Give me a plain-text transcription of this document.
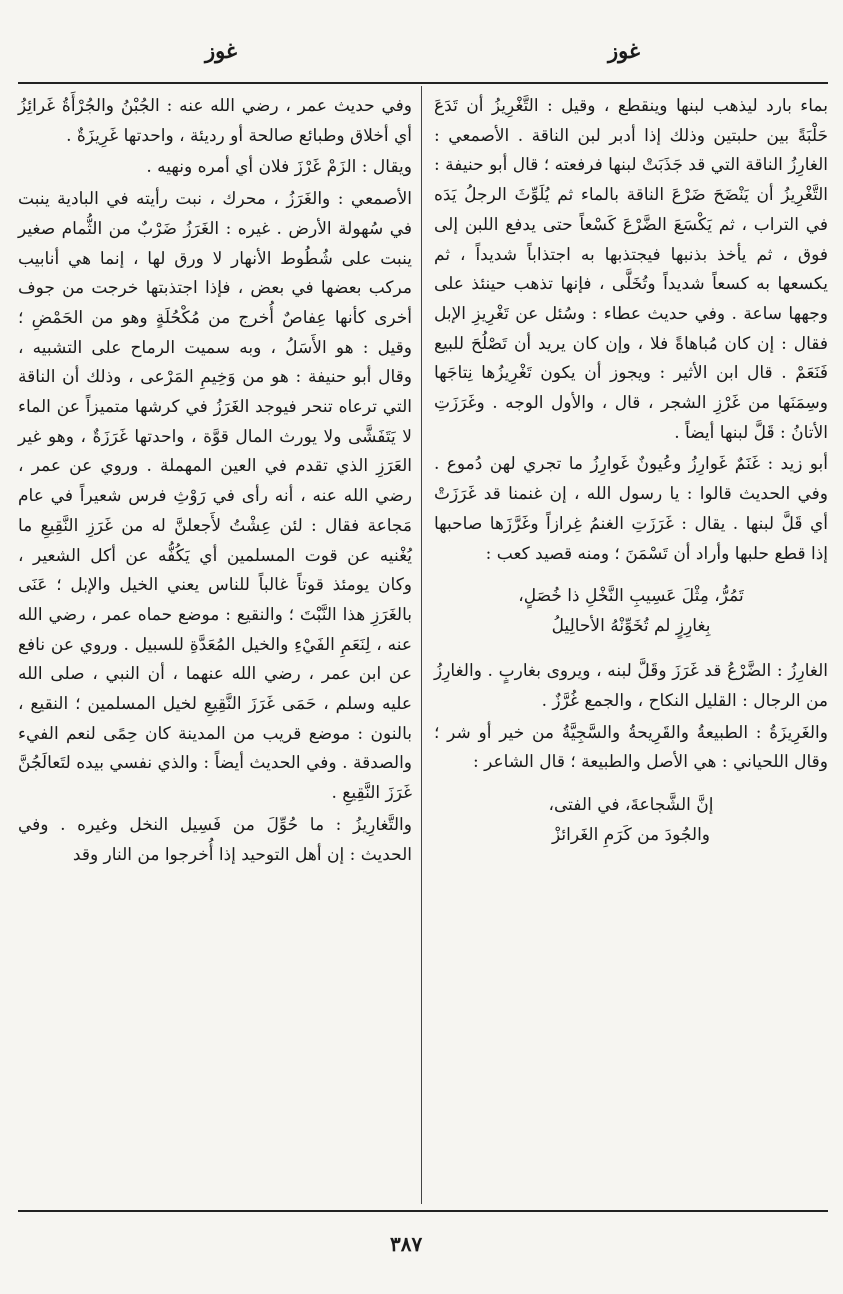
غوز
غوز

بماء بارد ليذهب لبنها وينقطع ، وقيل : التَّغْرِيزُ أن تَدَعَ حَلْبَةً بين حلبتين وذلك إذا أدبر لبن الناقة . الأصمعي : الغارِزُ الناقة التي قد جَذَبَتْ لبنها فرفعته ؛ قال أبو حنيفة : التَّغْرِيزُ أن يَنْضَحَ ضَرْعَ الناقة بالماء ثم يُلَوِّثَ الرجلُ يَدَه في التراب ، ثم يَكْسَعَ الضَّرْعَ كَسْعاً حتى يدفع اللبن إلى فوق ، ثم يأخذ بذنبها فيجتذبها به اجتذاباً شديداً ، ثم يكسعها به كسعاً شديداً وتُخَلَّى ، فإنها تذهب حينئذ على وجهها ساعة . وفي حديث عطاء : وسُئل عن تَغْرِيزِ الإبل فقال : إن كان مُباهاةً فلا ، وإن كان يريد أن تَصْلُحَ للبيع فَنَعَمْ . قال ابن الأثير : ويجوز أن يكون تَغْرِيزُها نِتاجَها وسِمَنَها من غَرْزِ الشجر ، قال ، والأول الوجه . وغَرَزَتِ الأتانُ : قَلَّ لبنها أيضاً .

أبو زيد : غَنَمٌ غَوارِزُ وعُيونٌ غَوارِزُ ما تجري لهن دُموع . وفي الحديث قالوا : يا رسول الله ، إن غنمنا قد غَرَزَتْ أي قَلَّ لبنها . يقال : غَرَزَتِ الغنمُ غِرازاً وغَرَّزَها صاحبها إذا قطع حلبها وأراد أن تَسْمَنَ ؛ ومنه قصيد كعب :

تَمُرُّ، مِثْلَ عَسِيبِ النَّخْلِ ذا خُصَلٍ،
بِغارِزٍ لم تُخَوِّنْهُ الأحالِيلُ

الغارِزُ : الضَّرْعُ قد غَرَزَ وقَلَّ لبنه ، ويروى بغاربٍ . والغارِزُ من الرجال : القليل النكاح ، والجمع غُرَّزٌ .

والغَرِيزَةُ : الطبيعةُ والقَرِيحةُ والسَّجِيَّةُ من خير أو شر ؛ وقال اللحياني : هي الأصل والطبيعة ؛ قال الشاعر :

إنَّ الشَّجاعةَ، في الفتى،
والجُودَ من كَرَمِ الغَرائزْ

وفي حديث عمر ، رضي الله عنه : الجُبْنُ والجُرْأَةُ غَرائِزُ أي أخلاق وطبائع صالحة أو رديئة ، واحدتها غَرِيزَةٌ .

ويقال : الزَمْ غَرْزَ فلان أي أمره ونهيه .

الأصمعي : والغَرَزُ ، محرك ، نبت رأيته في البادية ينبت في سُهولة الأرض . غيره : الغَرَزُ ضَرْبٌ من الثُّمام صغير ينبت على شُطُوط الأنهار لا ورق لها ، إنما هي أنابيب مركب بعضها في بعض ، فإذا اجتذبتها خرجت من جوف أخرى كأنها عِفاصٌ أُخرج من مُكْحُلَةٍ وهو من الحَمْضِ ؛ وقيل : هو الأَسَلُ ، وبه سميت الرماح على التشبيه ، وقال أبو حنيفة : هو من وَخِيمِ المَرْعى ، وذلك أن الناقة التي ترعاه تنحر فيوجد الغَرَزُ في كرشها متميزاً عن الماء لا يَتَفَشَّى ولا يورث المال قوَّة ، واحدتها غَرَزَةٌ ، وهو غير العَرَزِ الذي تقدم في العين المهملة . وروي عن عمر ، رضي الله عنه ، أنه رأى في رَوْثِ فرس شعيراً في عام مَجاعة فقال : لئن عِشْتُ لأَجعلنَّ له من غَرَزِ النَّقِيعِ ما يُغْنيه عن قوت المسلمين أي يَكُفُّه عن أكل الشعير ، وكان يومئذ قوتاً غالباً للناس يعني الخيل والإبل ؛ عَنَى بالغَرَزِ هذا النَّبْتَ ؛ والنقيع : موضع حماه عمر ، رضي الله عنه ، لِنَعَمِ الفَيْءِ والخيل المُعَدَّةِ للسبيل . وروي عن نافع عن ابن عمر ، رضي الله عنهما ، أن النبي ، صلى الله عليه وسلم ، حَمَى غَرَزَ النَّقِيعِ لخيل المسلمين ؛ النقيع ، بالنون : موضع قريب من المدينة كان حِمًى لنعم الفيء والصدقة . وفي الحديث أيضاً : والذي نفسي بيده لتَعالَجُنَّ غَرَزَ النَّقِيعِ .

والتَّغارِيزُ : ما حُوِّلَ من فَسِيل النخل وغيره . وفي الحديث : إن أهل التوحيد إذا أُخرجوا من النار وقد

٣٨٧
